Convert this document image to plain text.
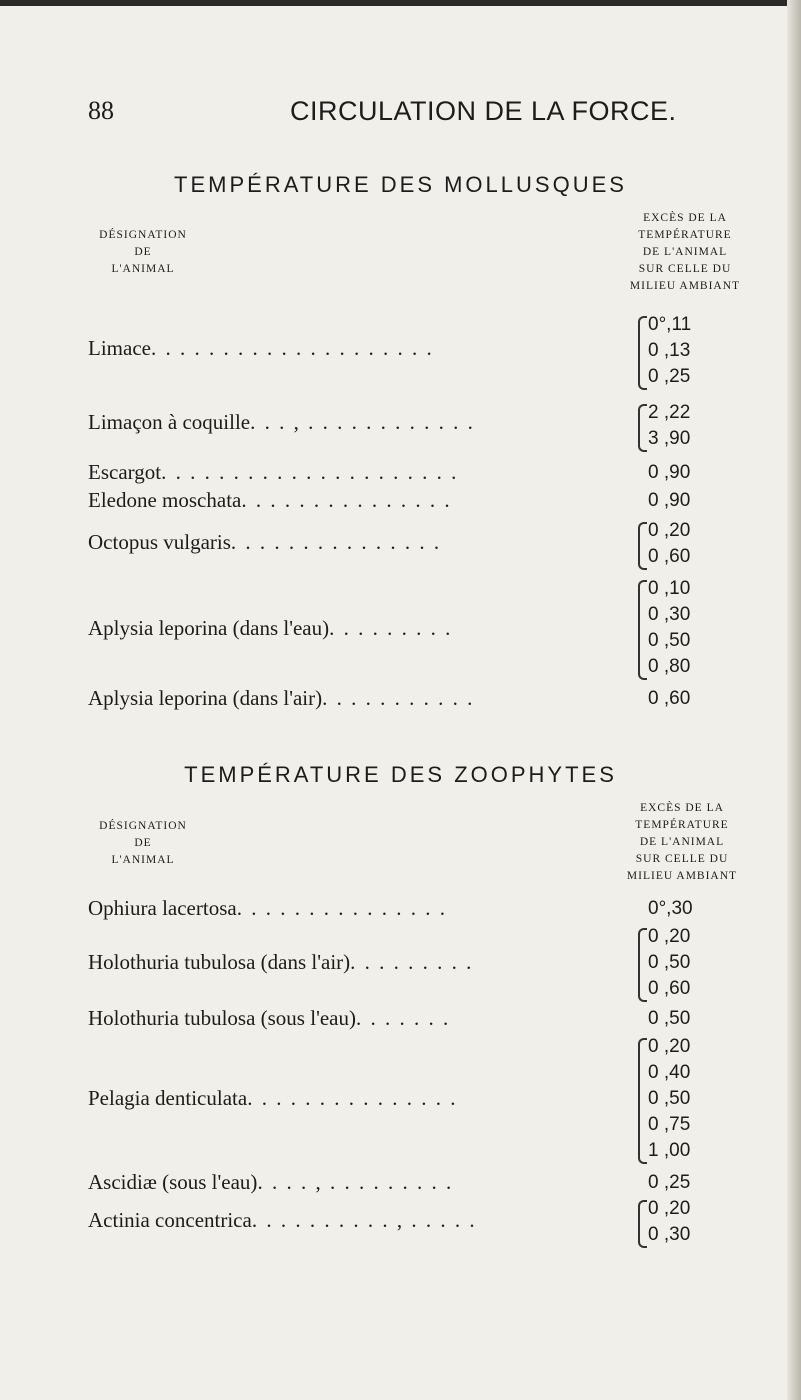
88	CIRCULATION DE LA FORCE.
TEMPÉRATURE DES MOLLUSQUES
DÉSIGNATION
DE
L'ANIMAL
EXCÈS DE LA
TEMPÉRATURE
DE L'ANIMAL
SUR CELLE DU
MILIEU AMBIANT
Limace. . . . . . . . . . . . . . . . . . . .
0°,11
0 ,13
0 ,25
Limaçon à coquille. . . , . . . . . . . . . . . .	2 ,22
3 ,90
Escargot. . . . . . . . . . . . . . . . . . . . .	0 ,90
Eledone moschata. . . . . . . . . . . . . . .	0 ,90
Octopus vulgaris. . . . . . . . . . . . . . .	0 ,20
0 ,60
Aplysia leporina (dans l'eau). . . . . . . . .
0 ,10
0 ,30
0 ,50
0 ,80
Aplysia leporina (dans l'air). . . . . . . . . . .	0 ,60
TEMPÉRATURE DES ZOOPHYTES
DÉSIGNATION
DE
L'ANIMAL
EXCÈS DE LA
TEMPÉRATURE
DE L'ANIMAL
SUR CELLE DU
MILIEU AMBIANT
Ophiura lacertosa. . . . . . . . . . . . . . .	0°,30
Holothuria tubulosa (dans l'air). . . . . . . . .
0 ,20
0 ,50
0 ,60
Holothuria tubulosa (sous l'eau). . . . . . .	0 ,50
Pelagia denticulata. . . . . . . . . . . . . . .
0 ,20
0 ,40
0 ,50
0 ,75
1 ,00
Ascidiæ (sous l'eau). . . . , . . . . . . . . .	0 ,25
Actinia concentrica. . . . . . . . . . , . . . . .	0 ,20
0 ,30
